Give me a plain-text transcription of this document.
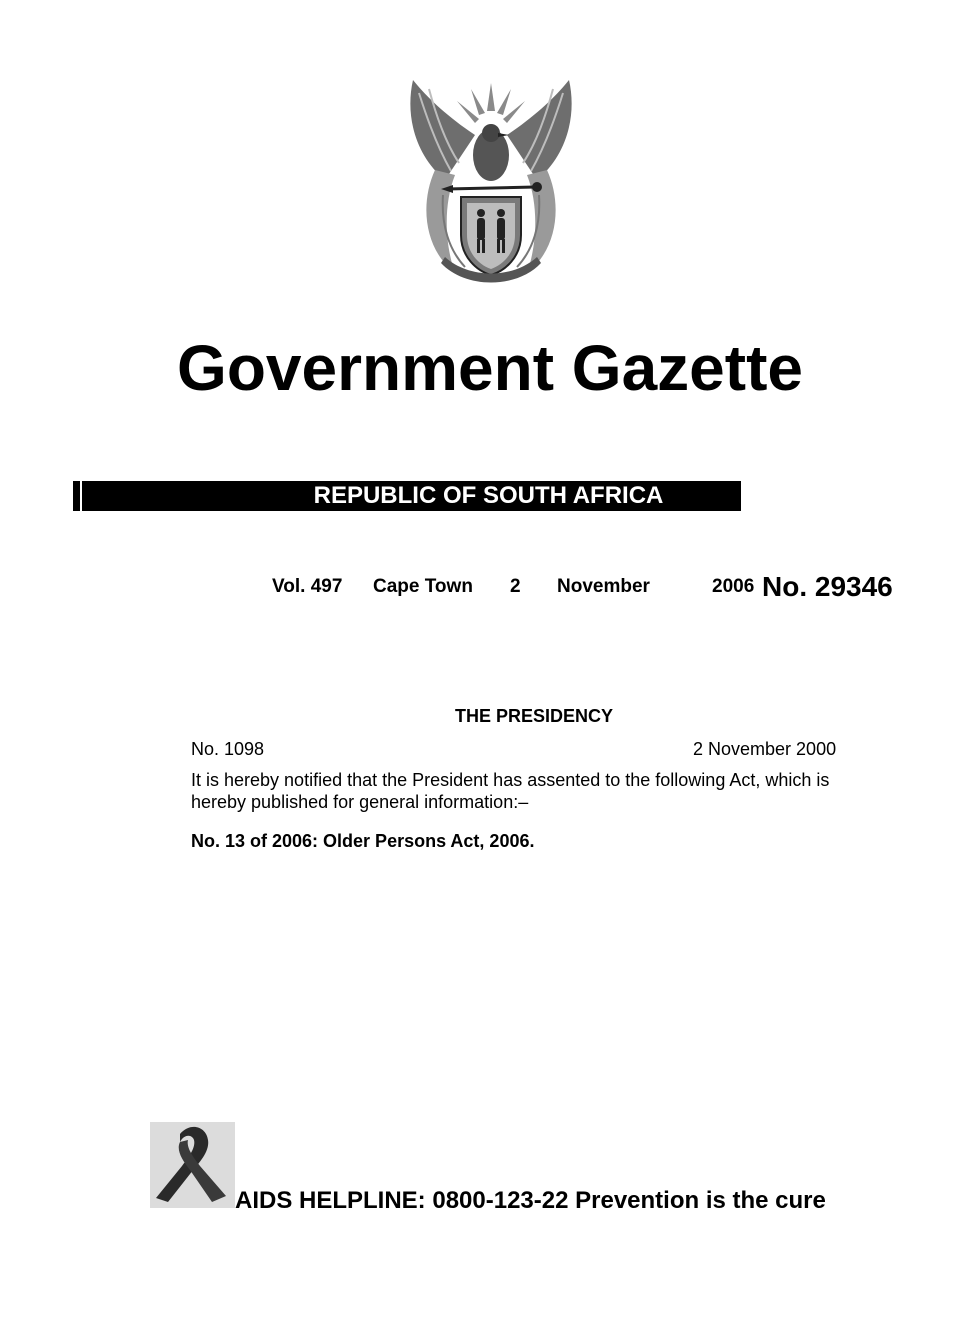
Government Gazette
REPUBLIC OF SOUTH AFRICA
Vol. 497 Cape Town 2 November	2006 No. 29346
THE PRESIDENCY
No. 1098	2 November 2000
It is hereby notified that the President has assented to the following Act, which is hereby published for general information:–
No. 13 of 2006: Older Persons Act, 2006.
AIDS HELPLINE: 0800-123-22 Prevention is the cure
